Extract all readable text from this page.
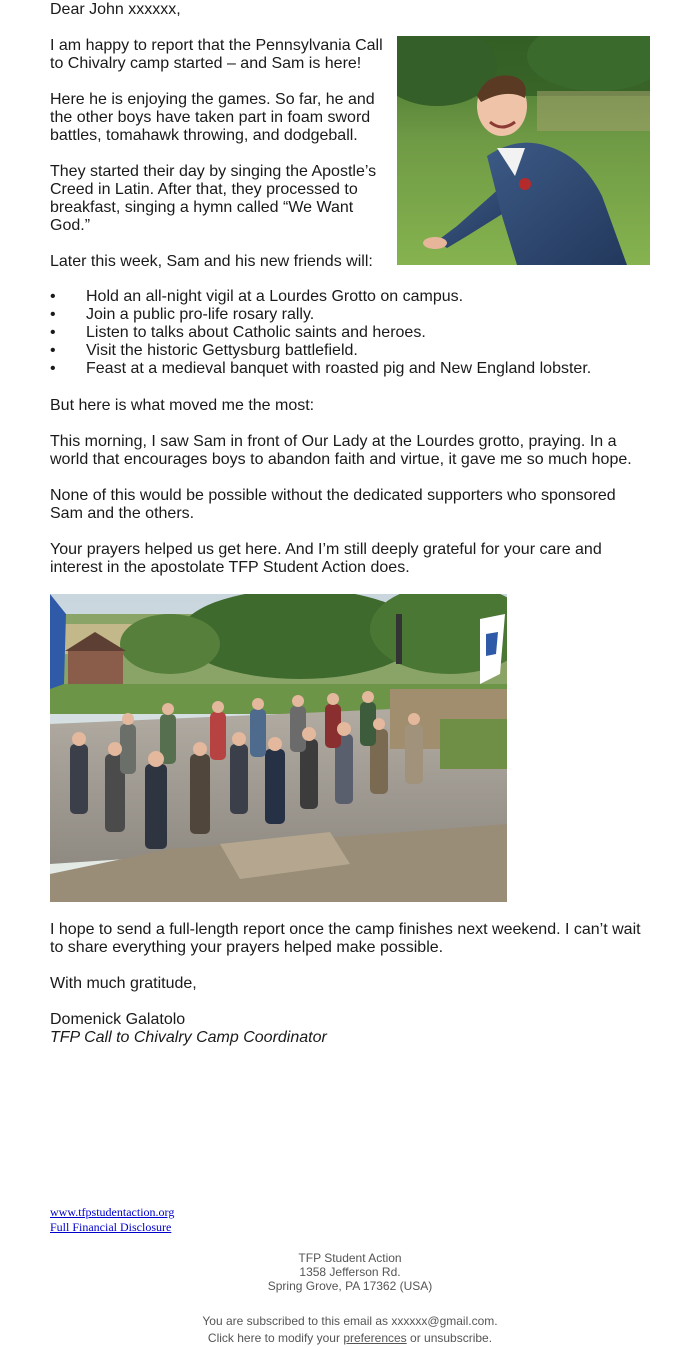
Dear John xxxxxx,
I am happy to report that the Pennsylvania Call
to Chivalry camp started – and Sam is here!
Here he is enjoying the games. So far, he and
the other boys have taken part in foam sword
battles, tomahawk throwing, and dodgeball.
They started their day by singing the Apostle’s
Creed in Latin. After that, they processed to
breakfast, singing a hymn called “We Want
God.”
Later this week, Sam and his new friends will:
• Hold an all-night vigil at a Lourdes Grotto on campus.
• Join a public pro-life rosary rally.
• Listen to talks about Catholic saints and heroes.
• Visit the historic Gettysburg battlefield.
• Feast at a medieval banquet with roasted pig and New England lobster.
But here is what moved me the most:
This morning, I saw Sam in front of Our Lady at the Lourdes grotto, praying. In a
world that encourages boys to abandon faith and virtue, it gave me so much hope.
None of this would be possible without the dedicated supporters who sponsored
Sam and the others.
Your prayers helped us get here. And I’m still deeply grateful for your care and
interest in the apostolate TFP Student Action does.
I hope to send a full-length report once the camp finishes next weekend. I can’t wait
to share everything your prayers helped make possible.
With much gratitude,
Domenick Galatolo
TFP Call to Chivalry Camp Coordinator
www.tfpstudentaction.org
Full Financial Disclosure
TFP Student Action
1358 Jefferson Rd.
Spring Grove, PA 17362 (USA)
You are subscribed to this email as xxxxxx@gmail.com.
Click here to modify your preferences or unsubscribe.
